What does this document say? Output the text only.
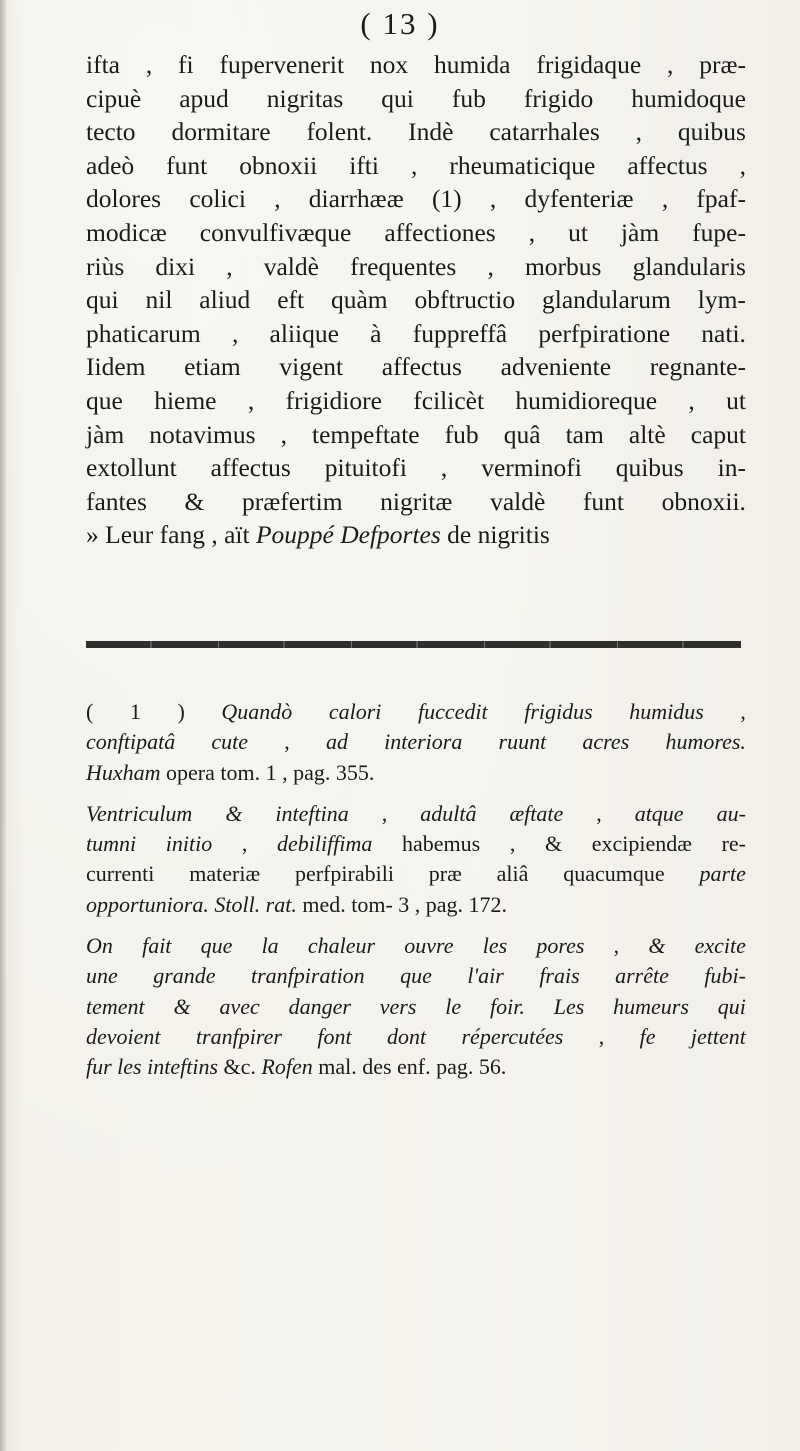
( 13 )
ifta , fi fupervenerit nox humida frigidaque , præ-
cipuè apud nigritas qui fub frigido humidoque
tecto dormitare folent. Indè catarrhales , quibus
adeò funt obnoxii ifti , rheumaticique affectus ,
dolores colici , diarrhææ (1) , dyfenteriæ , fpaf-
modicæ convulfivæque affectiones , ut jàm fupe-
riùs dixi , valdè frequentes , morbus glandularis
qui nil aliud eft quàm obftructio glandularum lym-
phaticarum , aliique à fuppreffâ perfpiratione nati.
Iidem etiam vigent affectus adveniente regnante-
que hieme , frigidiore fcilicèt humidioreque , ut
jàm notavimus , tempeftate fub quâ tam altè caput
extollunt affectus pituitofi , verminofi quibus in-
fantes & præfertim nigritæ valdè funt obnoxii.
» Leur fang , aït Pouppé Defportes de nigritis
( 1 ) Quandò calori fuccedit frigidus humidus ,
conftipatâ cute , ad interiora ruunt acres humores.
Huxham opera tom. 1 , pag. 355.
Ventriculum & inteftina , adultâ æftate , atque au-
tumni initio , debiliffima habemus , & excipiendæ re-
currenti materiæ perfpirabili præ aliâ quacumque parte
opportuniora. Stoll. rat. med. tom- 3 , pag. 172.
On fait que la chaleur ouvre les pores , & excite
une grande tranfpiration que l'air frais arrête fubi-
tement & avec danger vers le foir. Les humeurs qui
devoient tranfpirer font dont répercutées , fe jettent
fur les inteftins &c. Rofen mal. des enf. pag. 56.
